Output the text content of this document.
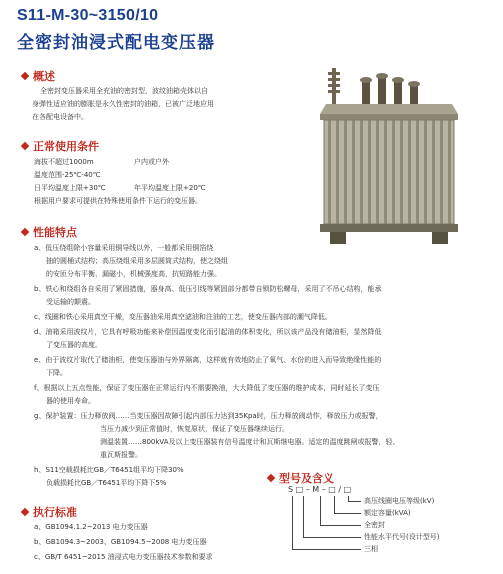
S11-M-30~3150/10
全密封油浸式配电变压器
概述
全密封变压器采用全充油的密封型，波纹油箱壳体以自
身弹性适应油的膨胀是永久性密封的油箱，已被广泛地应用
在各配电设备中。
正常使用条件
海拔不超过1000m	户内或户外
温度范围-25℃-40℃
日平均温度上限+30℃	年平均温度上限+20℃
根据用户要求可提供在特殊使用条件下运行的变压器。
性能特点
a、低压绕组除小容量采用铜导线以外，一般都采用铜箔绕
抽的圆桶式结构；高压绕组采用多层圆筒式结构，使之绕组
的安匝分布平衡，漏磁小，机械强度高，抗短路能力强。
b、铁心和绕组各自采用了紧固措施，器身高、低压引线等紧固部分都带自锁防松螺母，采用了不吊心结构，能承
受运输的颠震。
c、线圈和铁心采用真空干燥，变压器油采用真空滤油和注油的工艺，使变压器内部的潮气降低。
d、油箱采用波纹片，它具有呼吸功能来补偿因温度变化而引起油的体积变化，所以该产品没有储油柜，显然降低
了变压器的高度。
e、由于波纹片取代了储油柜，使变压器油与外界隔离，这样就有效地防止了氧气、水份的进入而导致绝缘性能的
下降。
f、根据以上五点性能，保证了变压器在正常运行内不需要换油，大大降低了变压器的维护成本，同时延长了变压
器的使用寿命。
g、保护装置：压力释放阀……当变压器因故障引起内部压力达到35Kpa时，压力释放阀动作，释放压力或报警，
当压力减少到正常值时，恢复原状，保证了变压器继续运行。
测温装置……800kVA及以上变压器装有信号温度计和瓦斯继电器。适定的温度跳闸或报警，轻、
重瓦斯报警。
h、S11空载损耗比GB／T6451组平均下降30%
负载损耗比GB／T6451平均下降下5%
执行标准
a、GB1094.1.2~2013 电力变压器
b、GB1094.3~2003、GB1094.5~2008 电力变压器
c、GB/T 6451~2015 油浸式电力变压器技术参数和要求
型号及含义
S □ – M – □ / □
高压线圈电压等级(kV)
额定容量(kVA)
全密封
性能水平代号(设计型号)
三相
